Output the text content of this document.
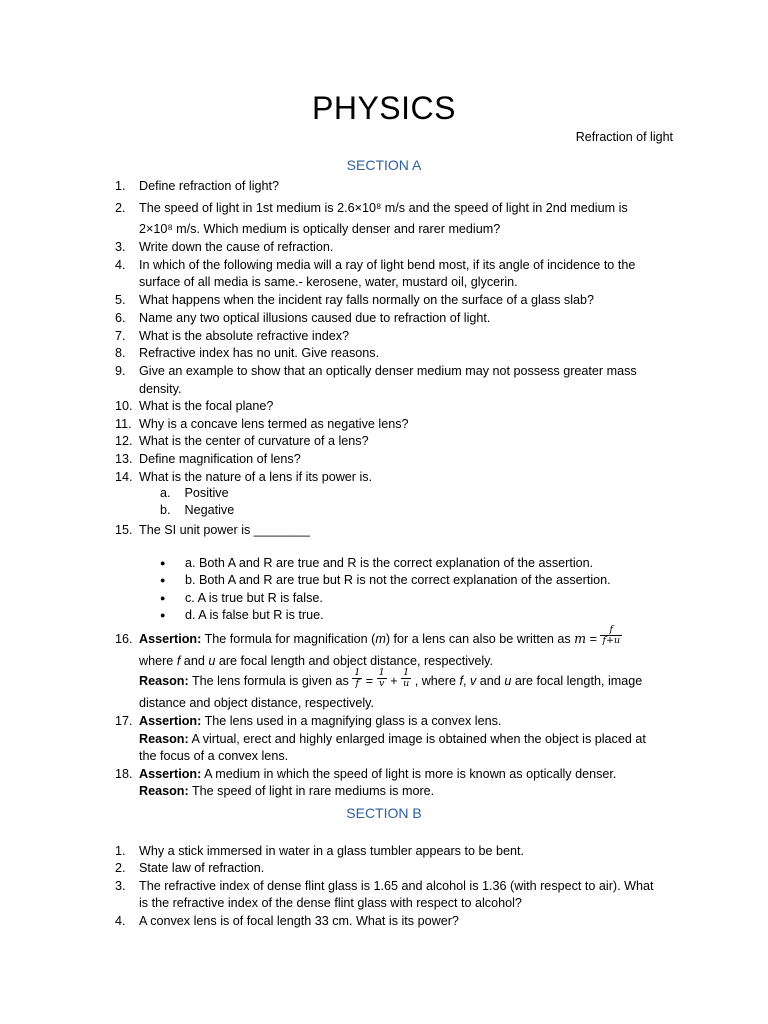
PHYSICS
Refraction of light
SECTION A
1.	Define refraction of light?
2.	The speed of light in 1st medium is 2.6×10⁸ m/s and the speed of light in 2nd medium is
2×10⁸ m/s. Which medium is optically denser and rarer medium?
3.	Write down the cause of refraction.
4.	In which of the following media will a ray of light bend most, if its angle of incidence to the
surface of all media is same.- kerosene, water, mustard oil, glycerin.
5.	What happens when the incident ray falls normally on the surface of a glass slab?
6.	Name any two optical illusions caused due to refraction of light.
7.	What is the absolute refractive index?
8.	Refractive index has no unit. Give reasons.
9.	Give an example to show that an optically denser medium may not possess greater mass
density.
10. What is the focal plane?
11. Why is a concave lens termed as negative lens?
12. What is the center of curvature of a lens?
13. Define magnification of lens?
14. What is the nature of a lens if its power is.
a.    Positive
b.    Negative
15. The SI unit power is ________
● a. Both A and R are true and R is the correct explanation of the assertion.
● b. Both A and R are true but R is not the correct explanation of the assertion.
● c. A is true but R is false.
● d. A is false but R is true.
16. Assertion: The formula for magnification (m) for a lens can also be written as $m = \frac{f}{f+u}$
where f and u are focal length and object distance, respectively.
Reason: The lens formula is given as $\frac{1}{f} = \frac{1}{v} + \frac{1}{u}$ , where f, v and u are focal length, image
distance and object distance, respectively.
17. Assertion: The lens used in a magnifying glass is a convex lens.
Reason: A virtual, erect and highly enlarged image is obtained when the object is placed at
the focus of a convex lens.
18. Assertion: A medium in which the speed of light is more is known as optically denser.
Reason: The speed of light in rare mediums is more.
SECTION B
1.	Why a stick immersed in water in a glass tumbler appears to be bent.
2.	State law of refraction.
3.	The refractive index of dense flint glass is 1.65 and alcohol is 1.36 (with respect to air). What
is the refractive index of the dense flint glass with respect to alcohol?
4.	A convex lens is of focal length 33 cm. What is its power?
